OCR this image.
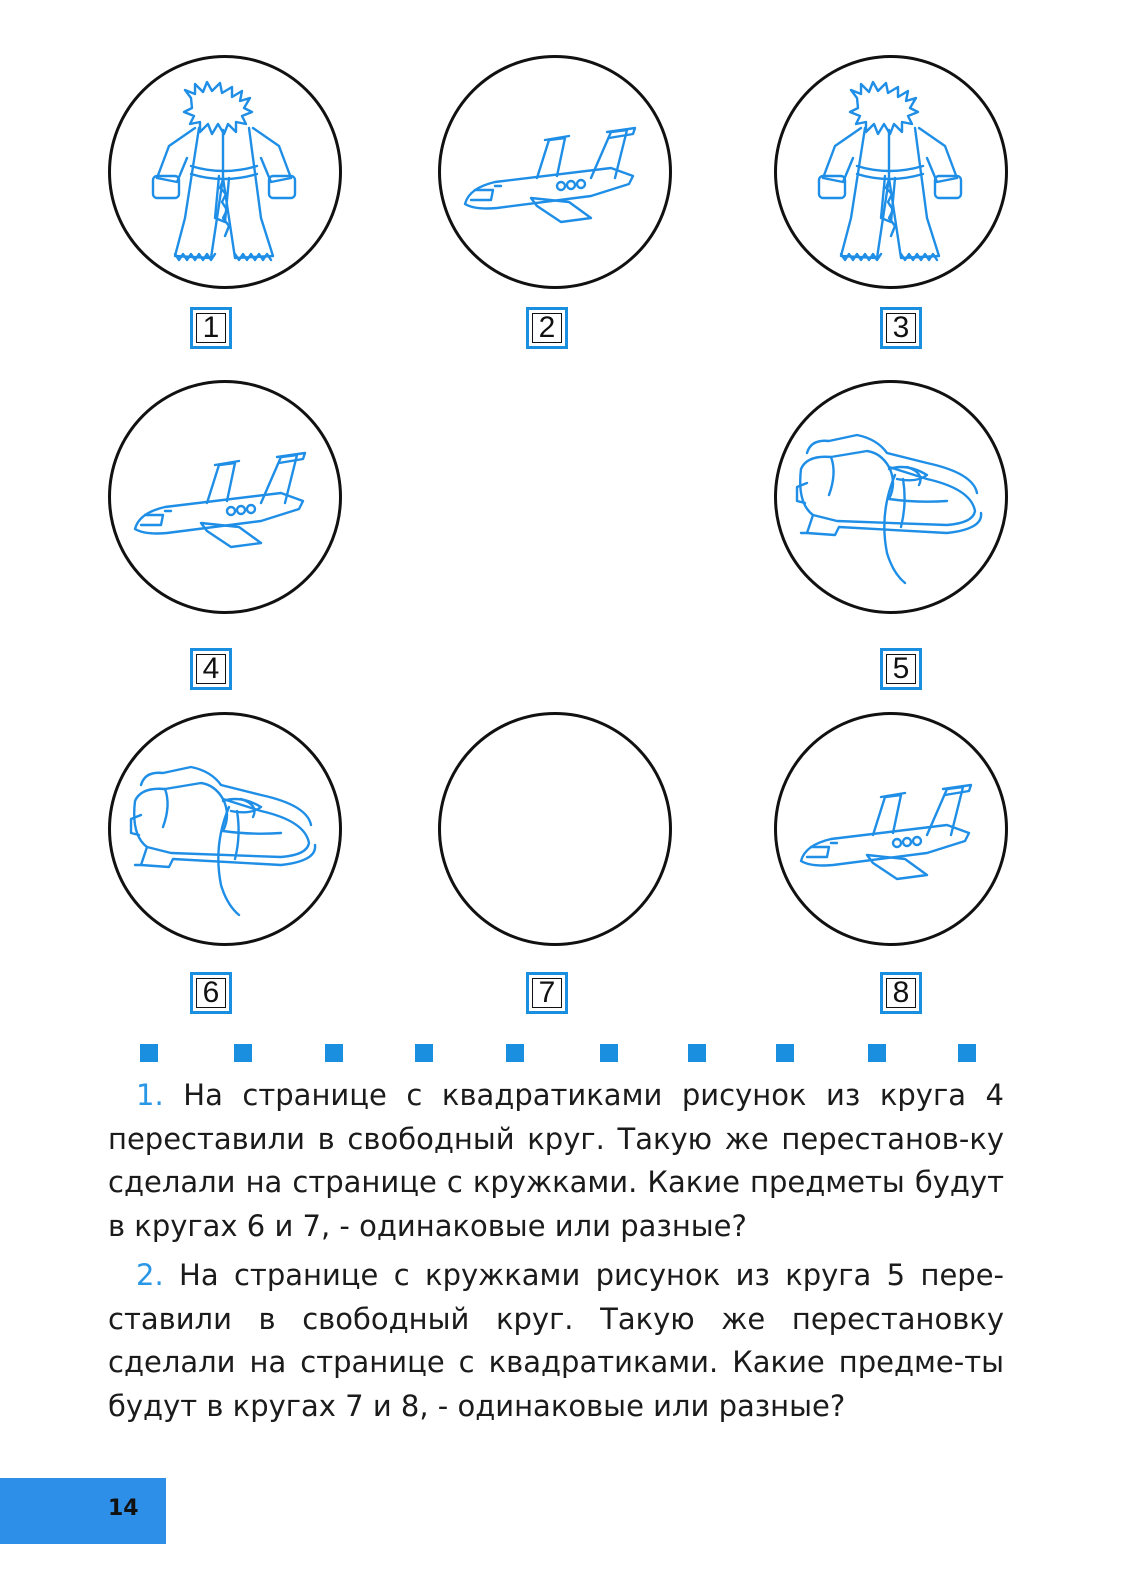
1	2	3
4	5
6	7	8
1. На странице с квадратиками рисунок из круга 4 переставили в свободный круг. Такую же перестанов-ку сделали на странице с кружками. Какие предметы будут в кругах 6 и 7, - одинаковые или разные?
2. На странице с кружками рисунок из круга 5 пере-ставили в свободный круг. Такую же перестановку сделали на странице с квадратиками. Какие предме-ты будут в кругах 7 и 8, - одинаковые или разные?
14
